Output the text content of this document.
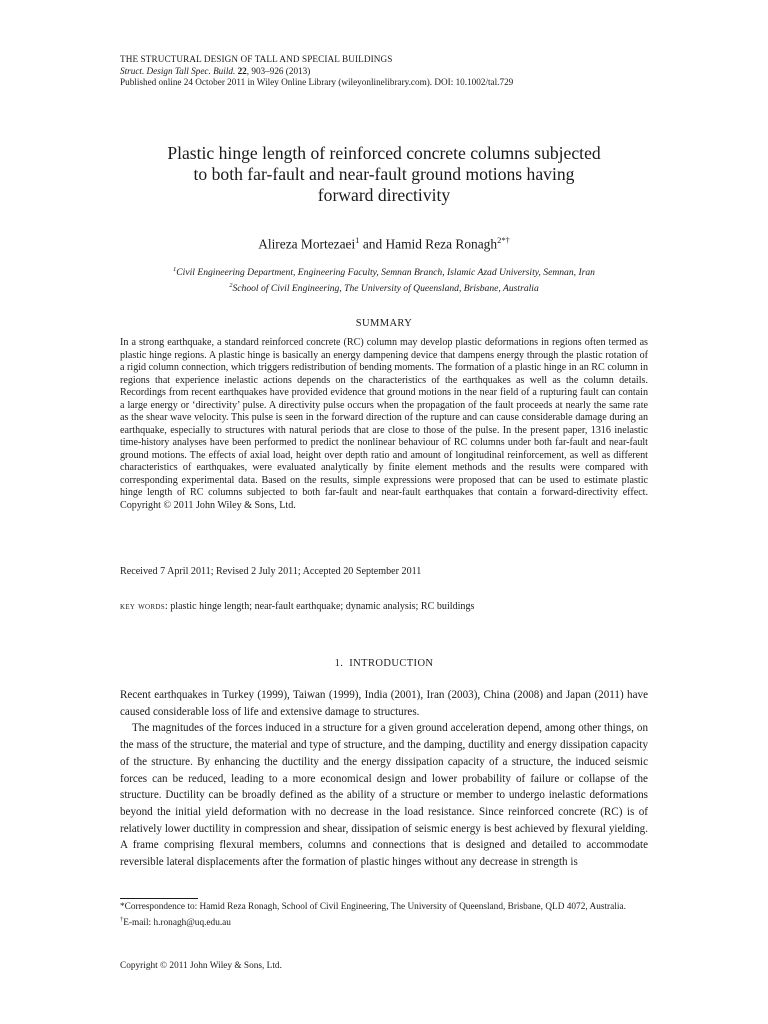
THE STRUCTURAL DESIGN OF TALL AND SPECIAL BUILDINGS
Struct. Design Tall Spec. Build. 22, 903–926 (2013)
Published online 24 October 2011 in Wiley Online Library (wileyonlinelibrary.com). DOI: 10.1002/tal.729
Plastic hinge length of reinforced concrete columns subjected
to both far-fault and near-fault ground motions having
forward directivity
Alireza Mortezaei$^1$ and Hamid Reza Ronagh$^{2*\dagger}$
$^1$Civil Engineering Department, Engineering Faculty, Semnan Branch, Islamic Azad University, Semnan, Iran
$^2$School of Civil Engineering, The University of Queensland, Brisbane, Australia
SUMMARY
In a strong earthquake, a standard reinforced concrete (RC) column may develop plastic deformations in regions often termed as plastic hinge regions. A plastic hinge is basically an energy dampening device that dampens energy through the plastic rotation of a rigid column connection, which triggers redistribution of bending moments. The formation of a plastic hinge in an RC column in regions that experience inelastic actions depends on the characteristics of the earthquakes as well as the column details. Recordings from recent earthquakes have provided evidence that ground motions in the near field of a rupturing fault can contain a large energy or ‘directivity’ pulse. A directivity pulse occurs when the propagation of the fault proceeds at nearly the same rate as the shear wave velocity. This pulse is seen in the forward direction of the rupture and can cause considerable damage during an earthquake, especially to structures with natural periods that are close to those of the pulse. In the present paper, 1316 inelastic time-history analyses have been performed to predict the nonlinear behaviour of RC columns under both far-fault and near-fault ground motions. The effects of axial load, height over depth ratio and amount of longitudinal reinforcement, as well as different characteristics of earthquakes, were evaluated analytically by finite element methods and the results were compared with corresponding experimental data. Based on the results, simple expressions were proposed that can be used to estimate plastic hinge length of RC columns subjected to both far-fault and near-fault earthquakes that contain a forward-directivity effect. Copyright © 2011 John Wiley & Sons, Ltd.
Received 7 April 2011; Revised 2 July 2011; Accepted 20 September 2011
key words: plastic hinge length; near-fault earthquake; dynamic analysis; RC buildings
1.  INTRODUCTION

Recent earthquakes in Turkey (1999), Taiwan (1999), India (2001), Iran (2003), China (2008) and Japan (2011) have caused considerable loss of life and extensive damage to structures.

The magnitudes of the forces induced in a structure for a given ground acceleration depend, among other things, on the mass of the structure, the material and type of structure, and the damping, ductility and energy dissipation capacity of the structure. By enhancing the ductility and the energy dissipation capacity of a structure, the induced seismic forces can be reduced, leading to a more economical design and lower probability of failure or collapse of the structure. Ductility can be broadly defined as the ability of a structure or member to undergo inelastic deformations beyond the initial yield deformation with no decrease in the load resistance. Since reinforced concrete (RC) is of relatively lower ductility in compression and shear, dissipation of seismic energy is best achieved by flexural yielding. A frame comprising flexural members, columns and connections that is designed and detailed to accommodate reversible lateral displacements after the formation of plastic hinges without any decrease in strength is

*Correspondence to: Hamid Reza Ronagh, School of Civil Engineering, The University of Queensland, Brisbane, QLD 4072, Australia.

†E-mail: h.ronagh@uq.edu.au

Copyright © 2011 John Wiley & Sons, Ltd.
